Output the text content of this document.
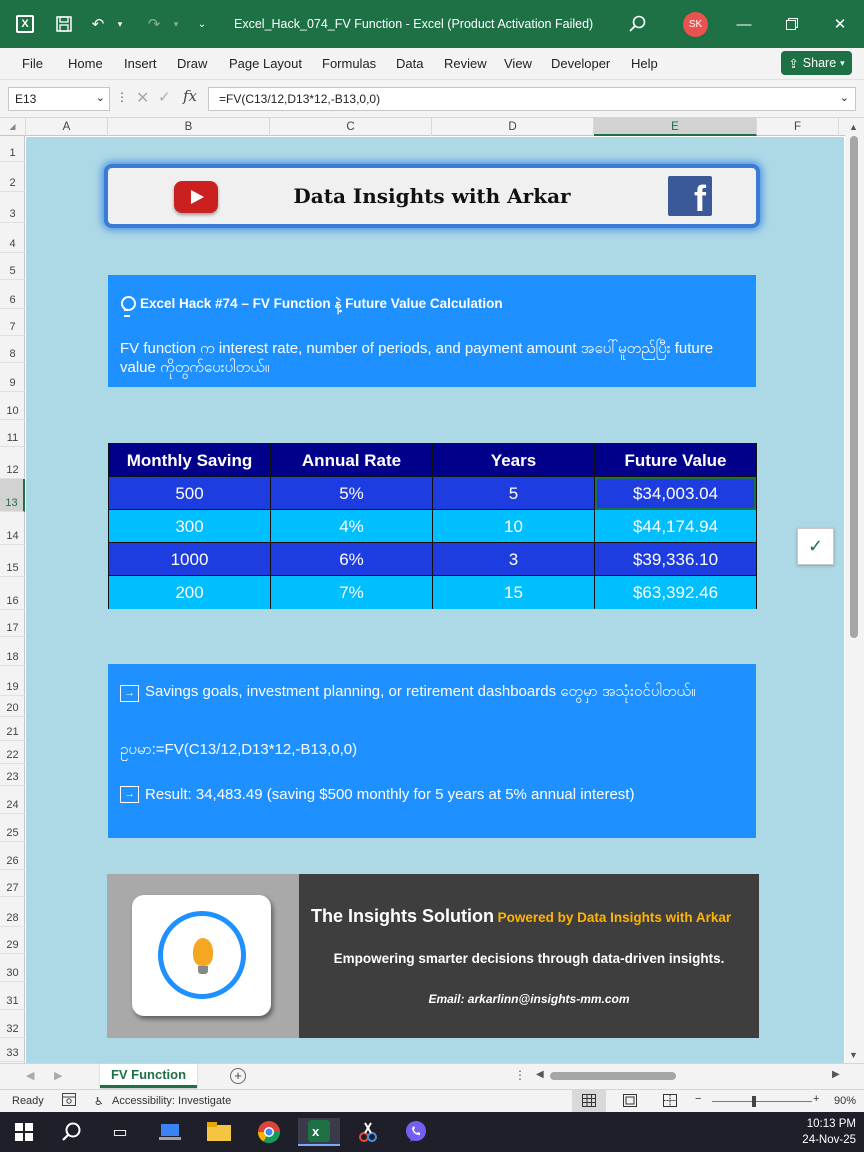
X	↶	▾	↷	▾	⌄	Excel_Hack_074_FV Function - Excel (Product Activation Failed)	SK	—	✕
File Home Insert Draw Page Layout Formulas Data Review View Developer Help	⇪ Share ▾
E13	⌄ ⋮ ✕ ✓ fx	=FV(C13/12,D13*12,-B13,0,0)	⌄
◢	A	B	C	D	E	F
1
2
3
4
5
6
7
8
9
10
11
12
13
14
15
16
17
18
19
20
21
22
23
24
25
26
27
28
29
30
31
32
33
▲
▼
Data Insights with Arkar	f
Excel Hack #74 – FV Function နဲ့ Future Value Calculation
FV function က interest rate, number of periods, and payment amount အပေါ်မူတည်ပြီး future value ကိုတွက်ပေးပါတယ်။
Monthly Saving	Annual Rate	Years	Future Value
500	5%	5	$34,003.04
300	4%	10	$44,174.94
1000	6%	3	$39,336.10
200	7%	15	$63,392.46
✓
→ Savings goals, investment planning, or retirement dashboards တွေမှာ အသုံးဝင်ပါတယ်။
ဥပမာ:=FV(C13/12,D13*12,-B13,0,0)
→ Result: 34,483.49 (saving $500 monthly for 5 years at 5% annual interest)
The Insights Solution Powered by Data Insights with Arkar
Empowering smarter decisions through data-driven insights.
Email: arkarlinn@insights-mm.com
◀ ▶	FV Function	+	⋮ ◀	▶
Ready	♿ Accessibility: Investigate	−	+ 90%
▭	x	10:13 PM
24-Nov-25
